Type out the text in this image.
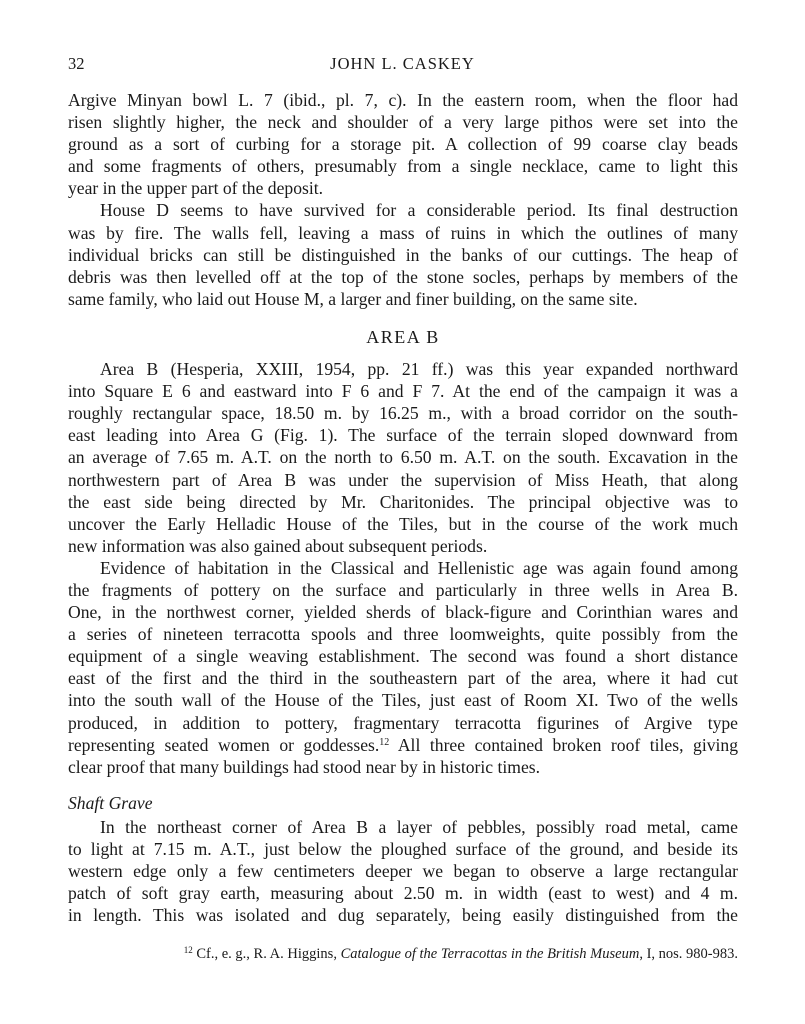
32	JOHN L. CASKEY

Argive Minyan bowl L. 7 (ibid., pl. 7, c). In the eastern room, when the floor had
risen slightly higher, the neck and shoulder of a very large pithos were set into the
ground as a sort of curbing for a storage pit. A collection of 99 coarse clay beads
and some fragments of others, presumably from a single necklace, came to light this
year in the upper part of the deposit.

House D seems to have survived for a considerable period. Its final destruction
was by fire. The walls fell, leaving a mass of ruins in which the outlines of many
individual bricks can still be distinguished in the banks of our cuttings. The heap of
debris was then levelled off at the top of the stone socles, perhaps by members of the
same family, who laid out House M, a larger and finer building, on the same site.

AREA B

Area B (Hesperia, XXIII, 1954, pp. 21 ff.) was this year expanded northward
into Square E 6 and eastward into F 6 and F 7. At the end of the campaign it was a
roughly rectangular space, 18.50 m. by 16.25 m., with a broad corridor on the south-
east leading into Area G (Fig. 1). The surface of the terrain sloped downward from
an average of 7.65 m. A.T. on the north to 6.50 m. A.T. on the south. Excavation in the
northwestern part of Area B was under the supervision of Miss Heath, that along
the east side being directed by Mr. Charitonides. The principal objective was to
uncover the Early Helladic House of the Tiles, but in the course of the work much
new information was also gained about subsequent periods.

Evidence of habitation in the Classical and Hellenistic age was again found among
the fragments of pottery on the surface and particularly in three wells in Area B.
One, in the northwest corner, yielded sherds of black-figure and Corinthian wares and
a series of nineteen terracotta spools and three loomweights, quite possibly from the
equipment of a single weaving establishment. The second was found a short distance
east of the first and the third in the southeastern part of the area, where it had cut
into the south wall of the House of the Tiles, just east of Room XI. Two of the wells
produced, in addition to pottery, fragmentary terracotta figurines of Argive type
representing seated women or goddesses.$^{12}$ All three contained broken roof tiles, giving
clear proof that many buildings had stood near by in historic times.

Shaft Grave

In the northeast corner of Area B a layer of pebbles, possibly road metal, came
to light at 7.15 m. A.T., just below the ploughed surface of the ground, and beside its
western edge only a few centimeters deeper we began to observe a large rectangular
patch of soft gray earth, measuring about 2.50 m. in width (east to west) and 4 m.
in length. This was isolated and dug separately, being easily distinguished from the

$^{12}$ Cf., e. g., R. A. Higgins, Catalogue of the Terracottas in the British Museum, I, nos. 980-983.
